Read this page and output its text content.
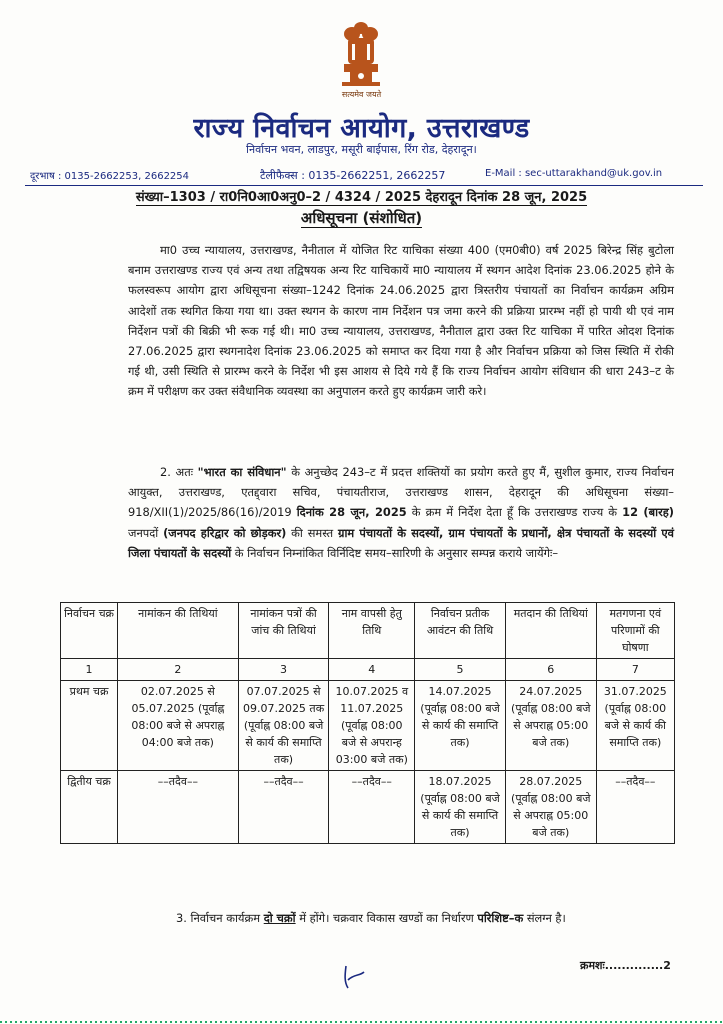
सत्यमेव जयते
राज्य निर्वाचन आयोग, उत्तराखण्ड
निर्वाचन भवन, लाडपुर, मसूरी बाईपास, रिंग रोड, देहरादून।
दूरभाष : 0135-2662253, 2662254	टैलीफैक्स : 0135-2662251, 2662257	E-Mail : sec-uttarakhand@uk.gov.in
संख्या–1303 / रा0नि0आ0अनु0–2 / 4324 / 2025 देहरादून दिनांक 28 जून, 2025
अधिसूचना (संशोधित)

मा0 उच्च न्यायालय, उत्तराखण्ड, नैनीताल में योजित रिट याचिका संख्या 400 (एम0बी0) वर्ष 2025 बिरेन्द्र सिंह बुटोला बनाम उत्तराखण्ड राज्य एवं अन्य तथा तद्विषयक अन्य रिट याचिकायें मा0 न्यायालय में स्थगन आदेश दिनांक 23.06.2025 होने के फलस्वरूप आयोग द्वारा अधिसूचना संख्या–1242 दिनांक 24.06.2025 द्वारा त्रिस्तरीय पंचायतों का निर्वाचन कार्यक्रम अग्रिम आदेशों तक स्थगित किया गया था। उक्त स्थगन के कारण नाम निर्देशन पत्र जमा करने की प्रक्रिया प्रारम्भ नहीं हो पायी थी एवं नाम निर्देशन पत्रों की बिक्री भी रूक गई थी। मा0 उच्च न्यायालय, उत्तराखण्ड, नैनीताल द्वारा उक्त रिट याचिका में पारित ओदश दिनांक 27.06.2025 द्वारा स्थगनादेश दिनांक 23.06.2025 को समाप्त कर दिया गया है और निर्वाचन प्रक्रिया को जिस स्थिति में रोकी गई थी, उसी स्थिति से प्रारम्भ करने के निर्देश भी इस आशय से दिये गये हैं कि राज्य निर्वाचन आयोग संविधान की धारा 243–ट के क्रम में परीक्षण कर उक्त संवैधानिक व्यवस्था का अनुपालन करते हुए कार्यक्रम जारी करे।

2. अतः "भारत का संविधान" के अनुच्छेद 243–ट में प्रदत्त शक्तियों का प्रयोग करते हुए मैं, सुशील कुमार, राज्य निर्वाचन आयुक्त, उत्तराखण्ड, एतद्द्वारा सचिव, पंचायतीराज, उत्तराखण्ड शासन, देहरादून की अधिसूचना संख्या–918/XII(1)/2025/86(16)/2019 दिनांक 28 जून, 2025 के क्रम में निर्देश देता हूँ कि उत्तराखण्ड राज्य के 12 (बारह) जनपदों (जनपद हरिद्वार को छोड़कर) की समस्त ग्राम पंचायतों के सदस्यों, ग्राम पंचायतों के प्रधानों, क्षेत्र पंचायतों के सदस्यों एवं जिला पंचायतों के सदस्यों के निर्वाचन निम्नांकित विर्निदिष्ट समय–सारिणी के अनुसार सम्पन्न कराये जायेंगेः–

निर्वाचन चक्र	नामांकन की तिथियां	नामांकन पत्रों की जांच की तिथियां	नाम वापसी हेतु तिथि	निर्वाचन प्रतीक आवंटन की तिथि	मतदान की तिथियां	मतगणना एवं परिणामों की घोषणा
1	2	3	4	5	6	7
प्रथम चक्र	02.07.2025 से 05.07.2025 (पूर्वाह्न 08:00 बजे से अपराह्न 04:00 बजे तक)	07.07.2025 से 09.07.2025 तक (पूर्वाह्न 08:00 बजे से कार्य की समाप्ति तक)	10.07.2025 व 11.07.2025 (पूर्वाह्न 08:00 बजे से अपरान्ह 03:00 बजे तक)	14.07.2025 (पूर्वाह्न 08:00 बजे से कार्य की समाप्ति तक)	24.07.2025 (पूर्वाह्न 08:00 बजे से अपराह्न 05:00 बजे तक)	31.07.2025 (पूर्वाह्न 08:00 बजे से कार्य की समाप्ति तक)
द्वितीय चक्र	––तदैव––	––तदैव––	––तदैव––	18.07.2025 (पूर्वाह्न 08:00 बजे से कार्य की समाप्ति तक)	28.07.2025 (पूर्वाह्न 08:00 बजे से अपराह्न 05:00 बजे तक)	––तदैव––

3. निर्वाचन कार्यक्रम दो चक्रों में होंगे। चक्रवार विकास खण्डों का निर्धारण परिशिष्ट–क संलग्न है।

क्रमशः..............2
